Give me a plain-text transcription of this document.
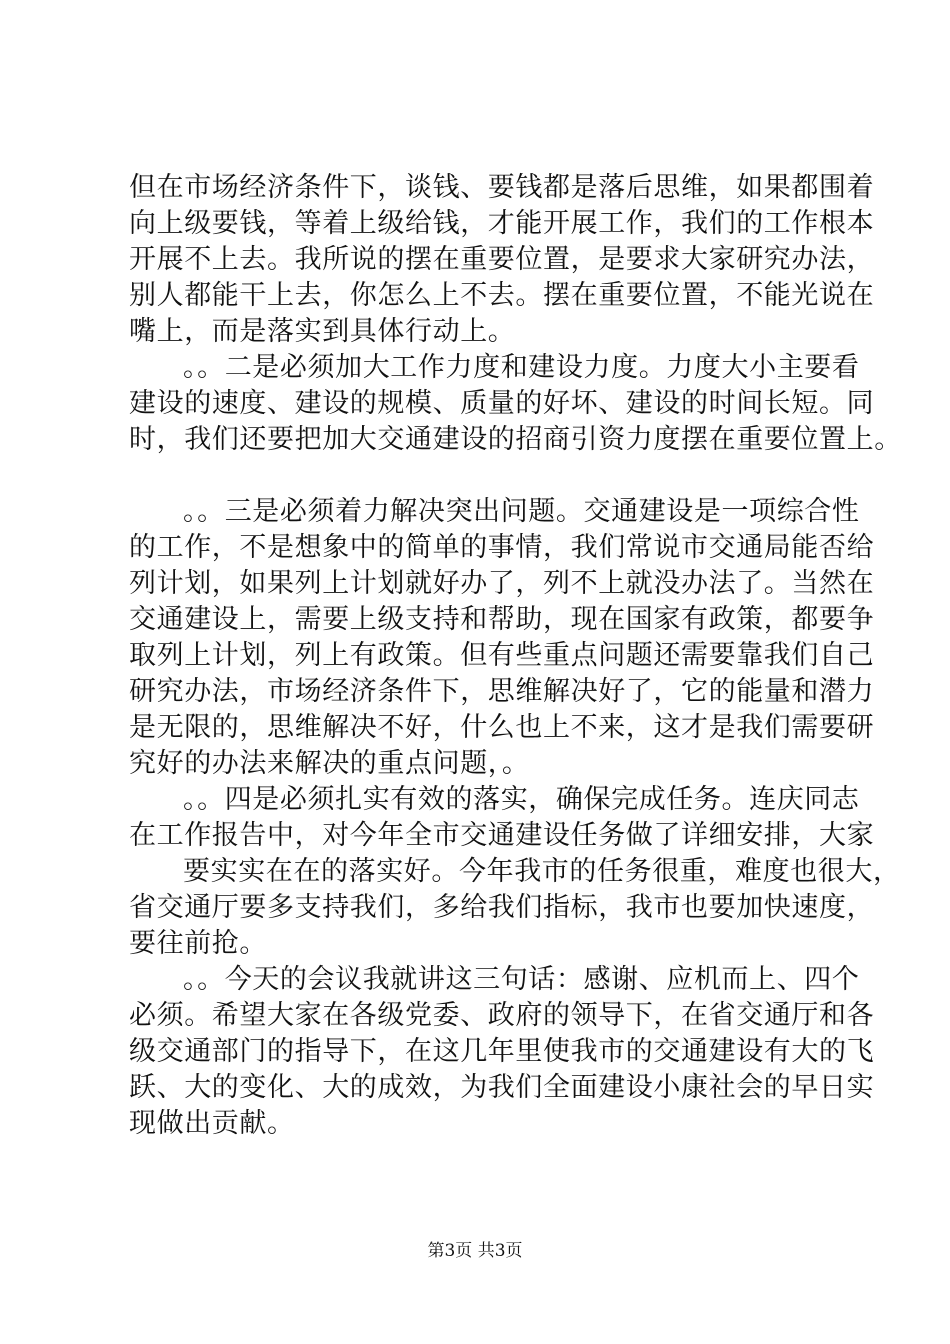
但在市场经济条件下，谈钱、要钱都是落后思维，如果都围着
向上级要钱，等着上级给钱，才能开展工作，我们的工作根本
开展不上去。我所说的摆在重要位置，是要求大家研究办法，
别人都能干上去，你怎么上不去。摆在重要位置，不能光说在
嘴上，而是落实到具体行动上。
。。二是必须加大工作力度和建设力度。力度大小主要看
建设的速度、建设的规模、质量的好坏、建设的时间长短。同
时，我们还要把加大交通建设的招商引资力度摆在重要位置上。
。。三是必须着力解决突出问题。交通建设是一项综合性
的工作，不是想象中的简单的事情，我们常说市交通局能否给
列计划，如果列上计划就好办了，列不上就没办法了。当然在
交通建设上，需要上级支持和帮助，现在国家有政策，都要争
取列上计划，列上有政策。但有些重点问题还需要靠我们自己
研究办法，市场经济条件下，思维解决好了，它的能量和潜力
是无限的，思维解决不好，什么也上不来，这才是我们需要研
究好的办法来解决的重点问题，。
。。四是必须扎实有效的落实，确保完成任务。连庆同志
在工作报告中，对今年全市交通建设任务做了详细安排，大家
要实实在在的落实好。今年我市的任务很重，难度也很大，
省交通厅要多支持我们，多给我们指标，我市也要加快速度，
要往前抢。
。。今天的会议我就讲这三句话：感谢、应机而上、四个
必须。希望大家在各级党委、政府的领导下，在省交通厅和各
级交通部门的指导下，在这几年里使我市的交通建设有大的飞
跃、大的变化、大的成效，为我们全面建设小康社会的早日实
现做出贡献。
第3页 共3页
